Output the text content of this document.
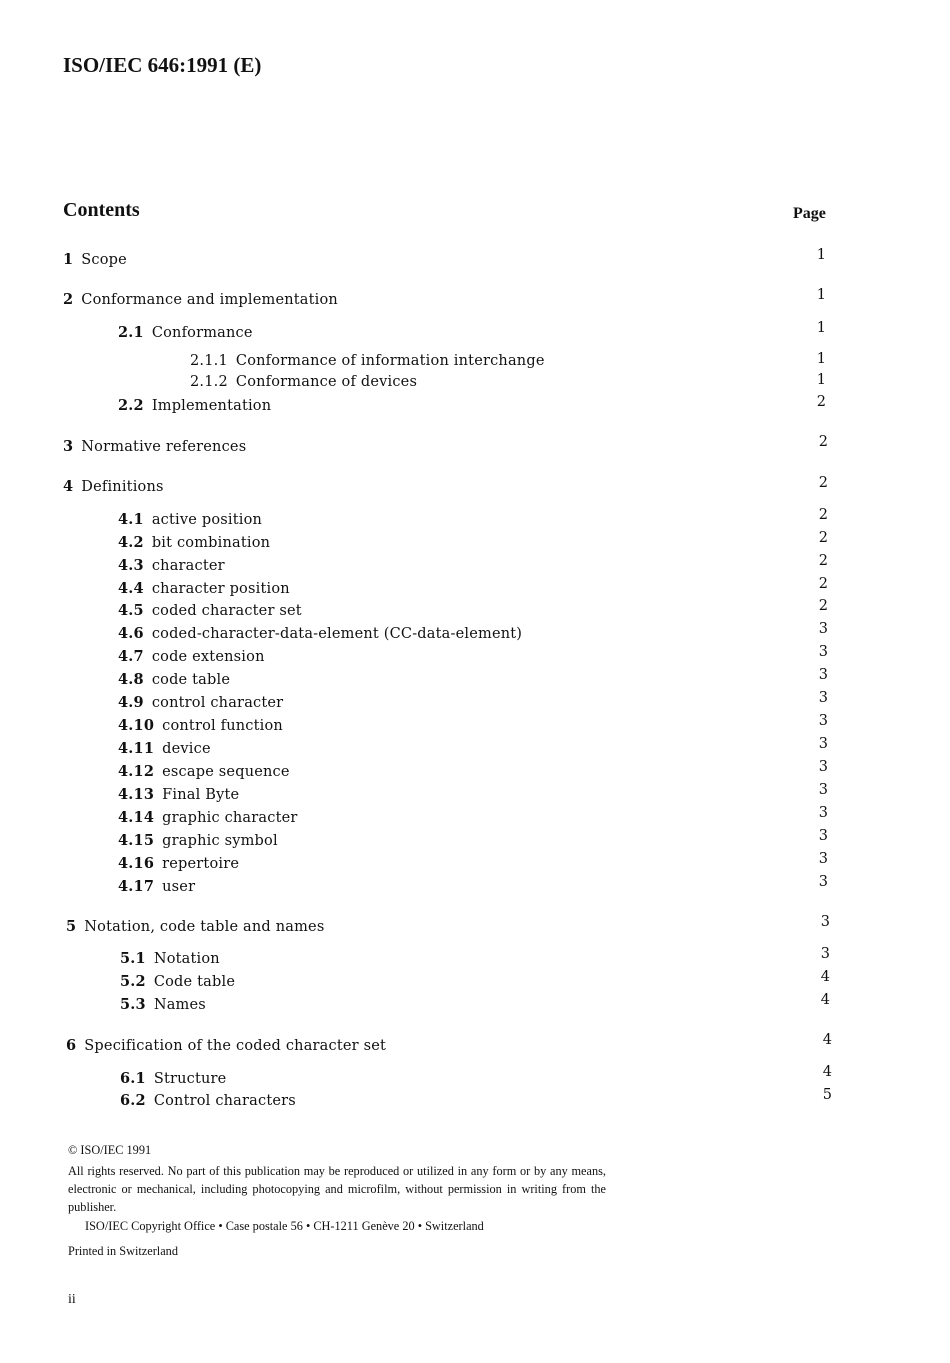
ISO/IEC 646:1991 (E)
Contents	Page
1 Scope	1
2 Conformance and implementation	1
2.1 Conformance	1
2.1.1 Conformance of information interchange	1
2.1.2 Conformance of devices	1
2.2 Implementation	2
3 Normative references	2
4 Definitions	2
4.1 active position	2
4.2 bit combination	2
4.3 character	2
4.4 character position	2
4.5 coded character set	2
4.6 coded-character-data-element (CC-data-element)	3
4.7 code extension	3
4.8 code table	3
4.9 control character	3
4.10 control function	3
4.11 device	3
4.12 escape sequence	3
4.13 Final Byte	3
4.14 graphic character	3
4.15 graphic symbol	3
4.16 repertoire	3
4.17 user	3
5 Notation, code table and names	3
5.1 Notation	3
5.2 Code table	4
5.3 Names	4
6 Specification of the coded character set	4
6.1 Structure	4
6.2 Control characters	5
© ISO/IEC 1991
All rights reserved. No part of this publication may be reproduced or utilized in any form or by any means, electronic or mechanical, including photocopying and microfilm, without permission in writing from the publisher.
ISO/IEC Copyright Office • Case postale 56 • CH-1211 Genève 20 • Switzerland
Printed in Switzerland
ii
